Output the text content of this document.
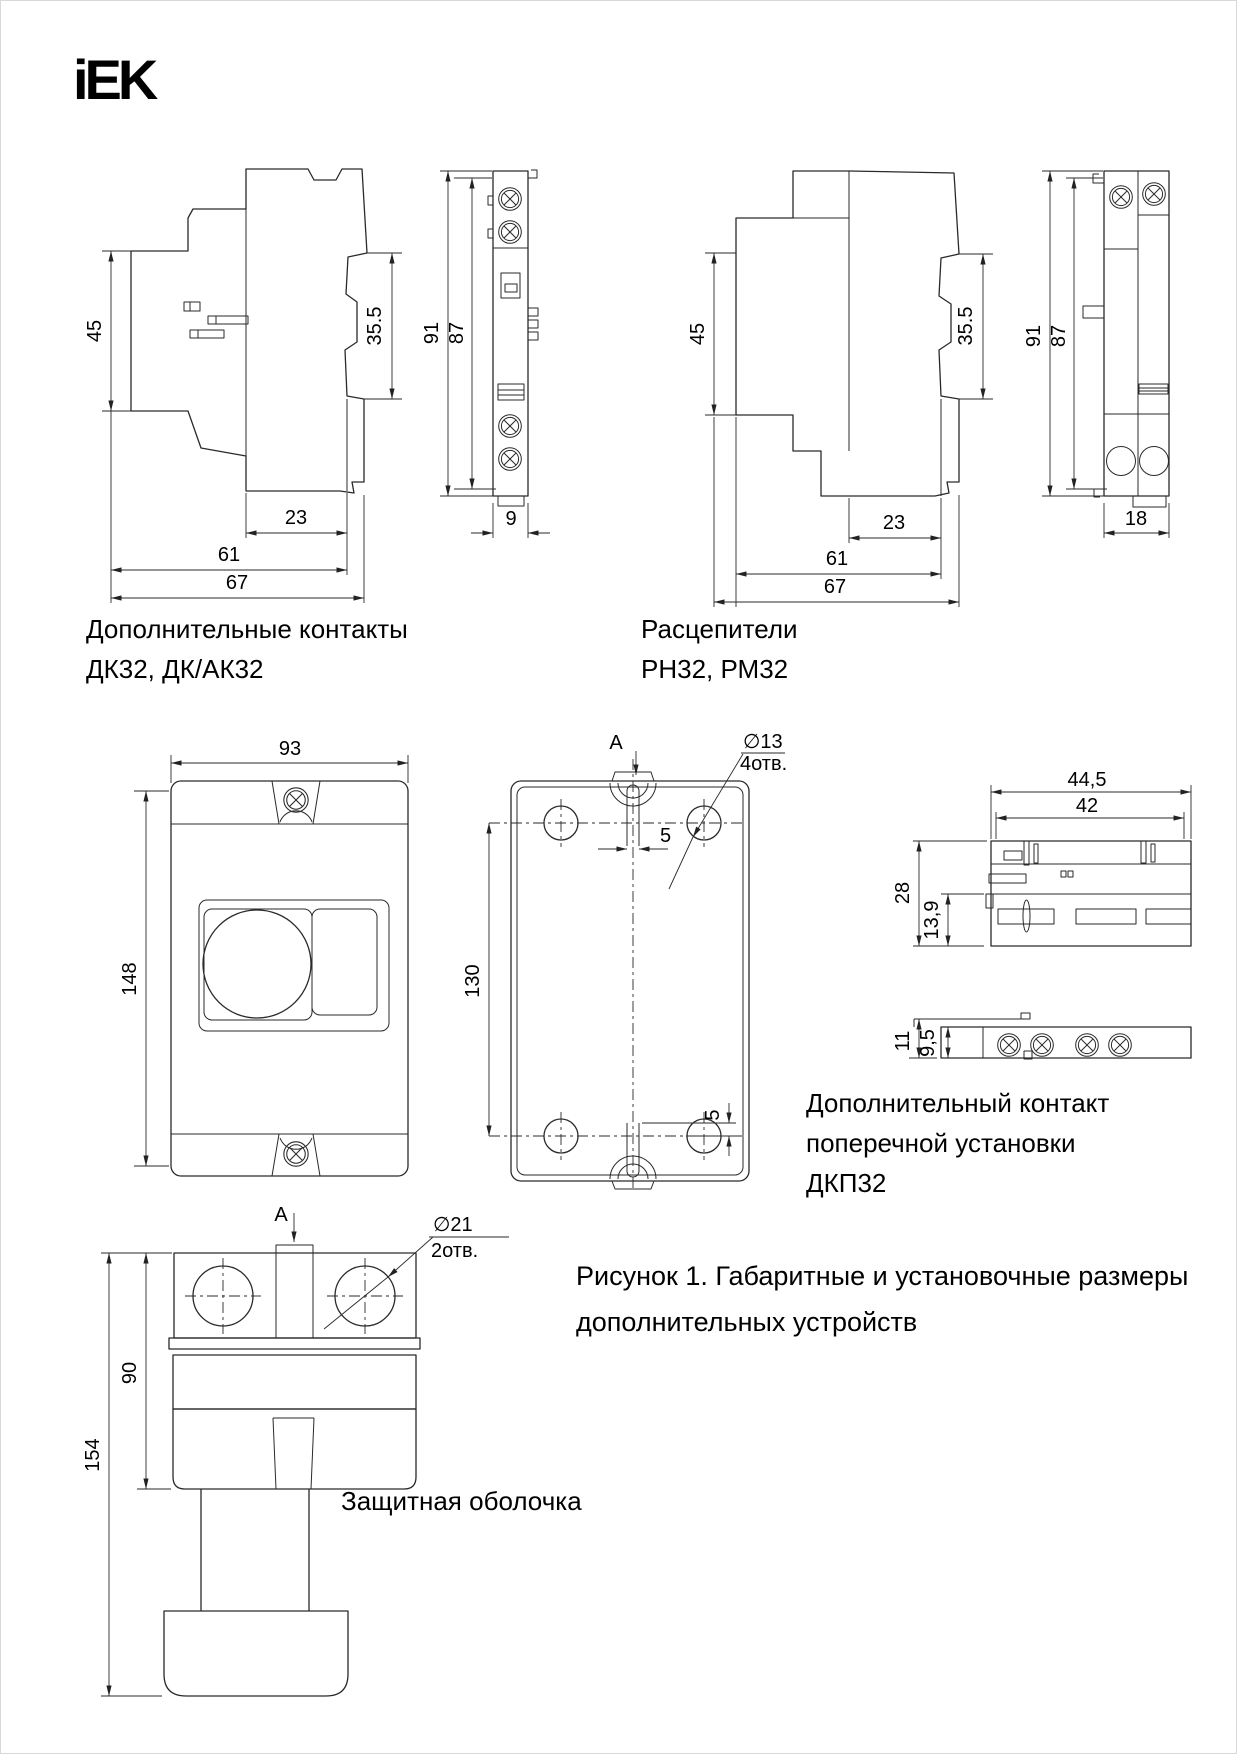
iEK
45	35.5
23
61
67
91 87
9
45	35.5
23
61
67
91 87
18
Дополнительные контакты
ДК32, ДК/АК32
Расцепители
РН32, РМ32
93
148
A
130
5
5
∅13
4отв.
44,5
42
28
13,9
11 9,5
Дополнительный контакт
поперечной установки
ДКП32
A	∅21
2отв.
90
154
Защитная оболочка
Рисунок 1. Габаритные и установочные размеры
дополнительных устройств
